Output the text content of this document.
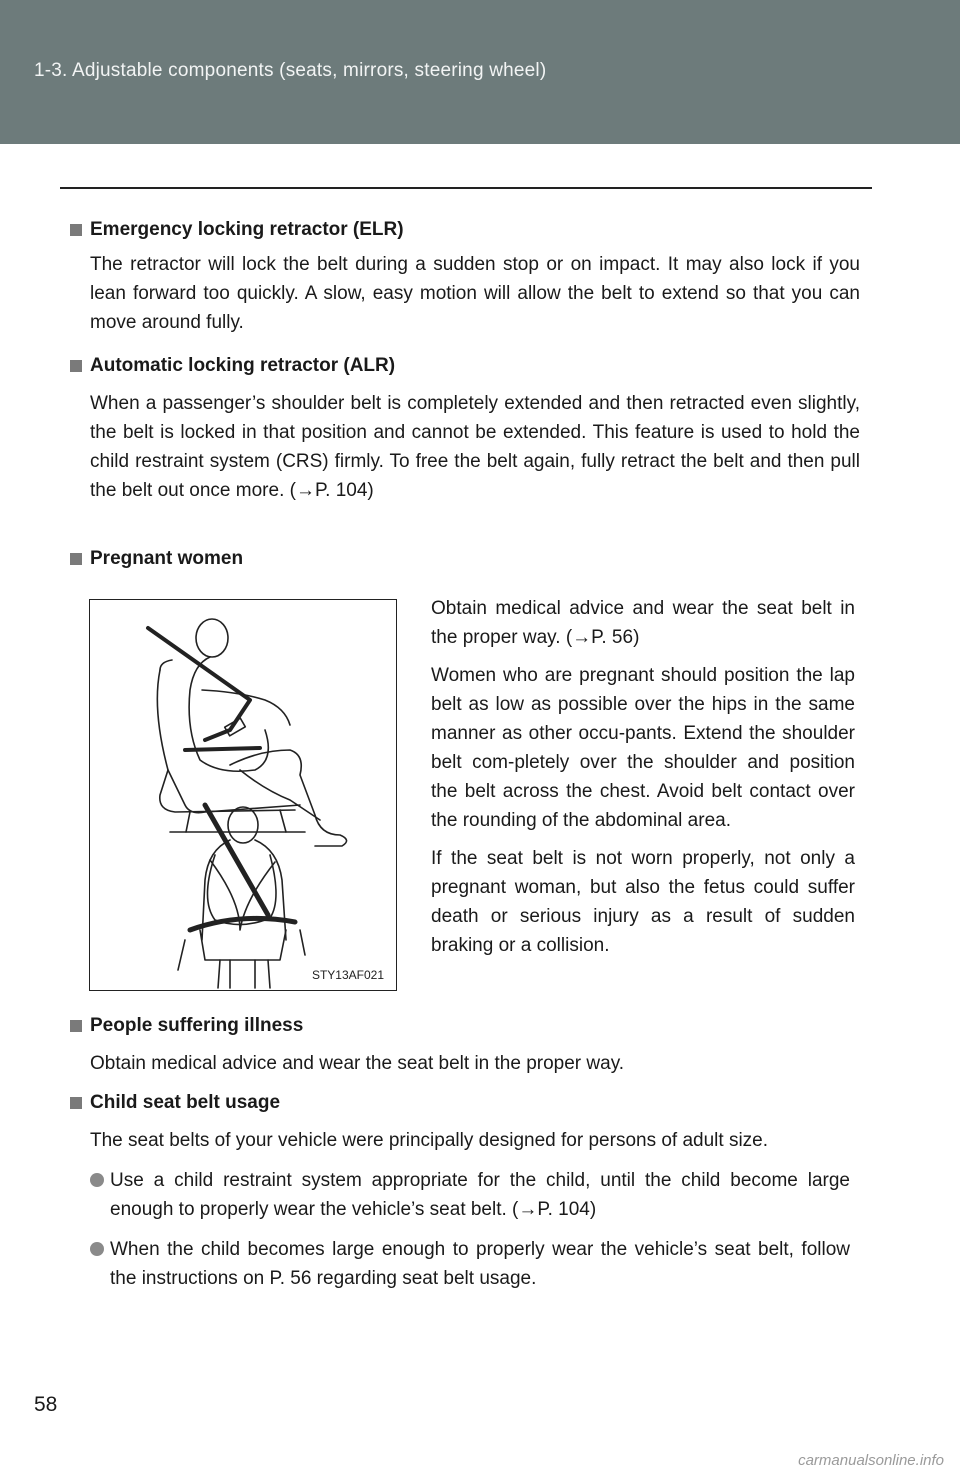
1-3. Adjustable components (seats, mirrors, steering wheel)
Emergency locking retractor (ELR)
The retractor will lock the belt during a sudden stop or on impact. It may also lock if you lean forward too quickly. A slow, easy motion will allow the belt to extend so that you can move around fully.
Automatic locking retractor (ALR)
When a passenger’s shoulder belt is completely extended and then retracted even slightly, the belt is locked in that position and cannot be extended. This feature is used to hold the child restraint system (CRS) firmly. To free the belt again, fully retract the belt and then pull the belt out once more. (→P. 104)
Pregnant women
STY13AF021

Obtain medical advice and wear the seat belt in the proper way. (→P. 56)

Women who are pregnant should position the lap belt as low as possible over the hips in the same manner as other occu-pants. Extend the shoulder belt com-pletely over the shoulder and position the belt across the chest. Avoid belt contact over the rounding of the abdominal area.

If the seat belt is not worn properly, not only a pregnant woman, but also the fetus could suffer death or serious injury as a result of sudden braking or a collision.

People suffering illness
Obtain medical advice and wear the seat belt in the proper way.
Child seat belt usage
The seat belts of your vehicle were principally designed for persons of adult size.
Use a child restraint system appropriate for the child, until the child become large enough to properly wear the vehicle’s seat belt. (→P. 104)
When the child becomes large enough to properly wear the vehicle’s seat belt, follow the instructions on P. 56 regarding seat belt usage.
58
carmanualsonline.info
